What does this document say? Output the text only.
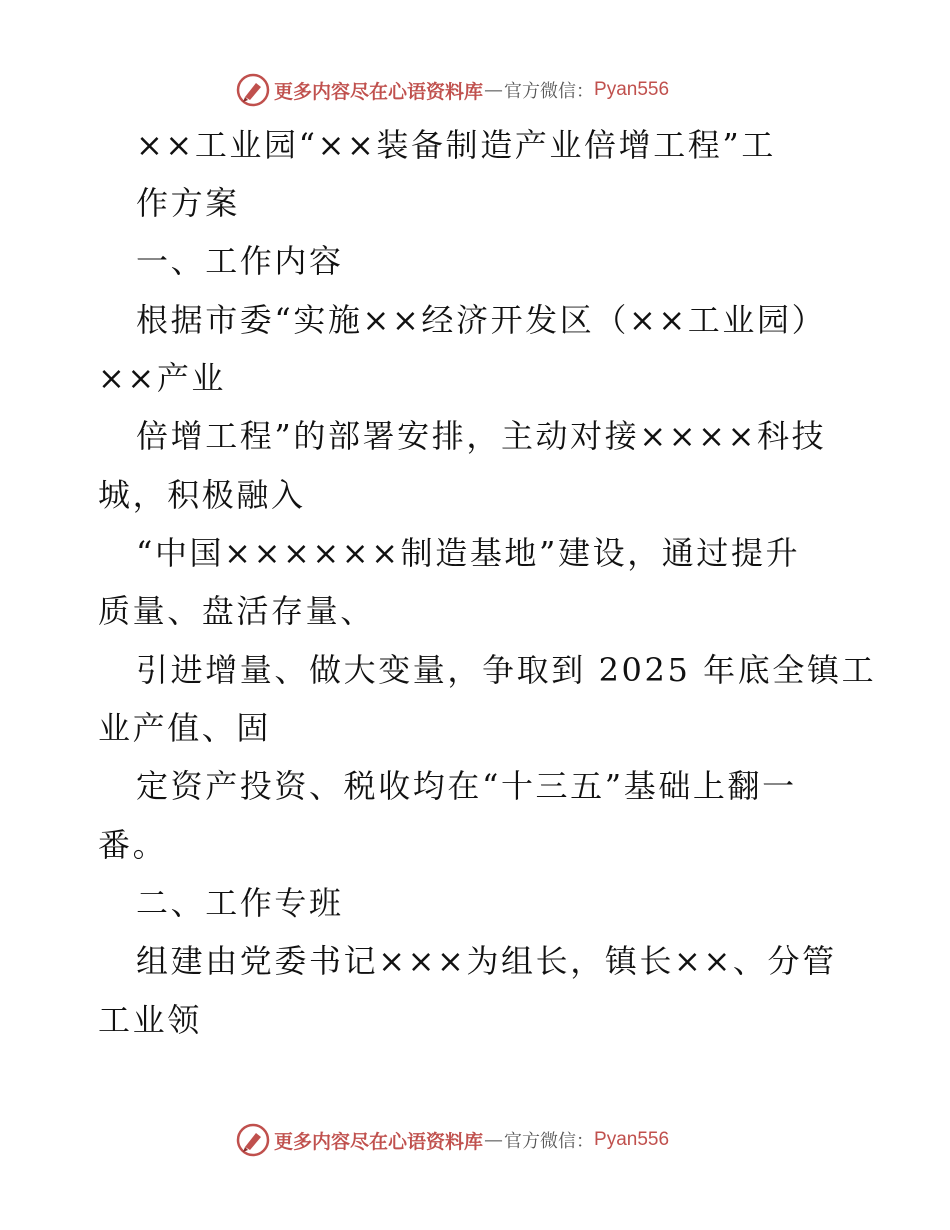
更多内容尽在心语资料库 — 官方微信： Pyan556
××工业园“××装备制造产业倍增工程”工
作方案
一、工作内容
根据市委“实施××经济开发区（××工业园）
××产业
倍增工程”的部署安排，主动对接××××科技
城，积极融入
“中国××××××制造基地”建设，通过提升
质量、盘活存量、
引进增量、做大变量，争取到 2025 年底全镇工
业产值、固
定资产投资、税收均在“十三五”基础上翻一
番。
二、工作专班
组建由党委书记×××为组长，镇长××、分管
工业领
更多内容尽在心语资料库 — 官方微信： Pyan556
